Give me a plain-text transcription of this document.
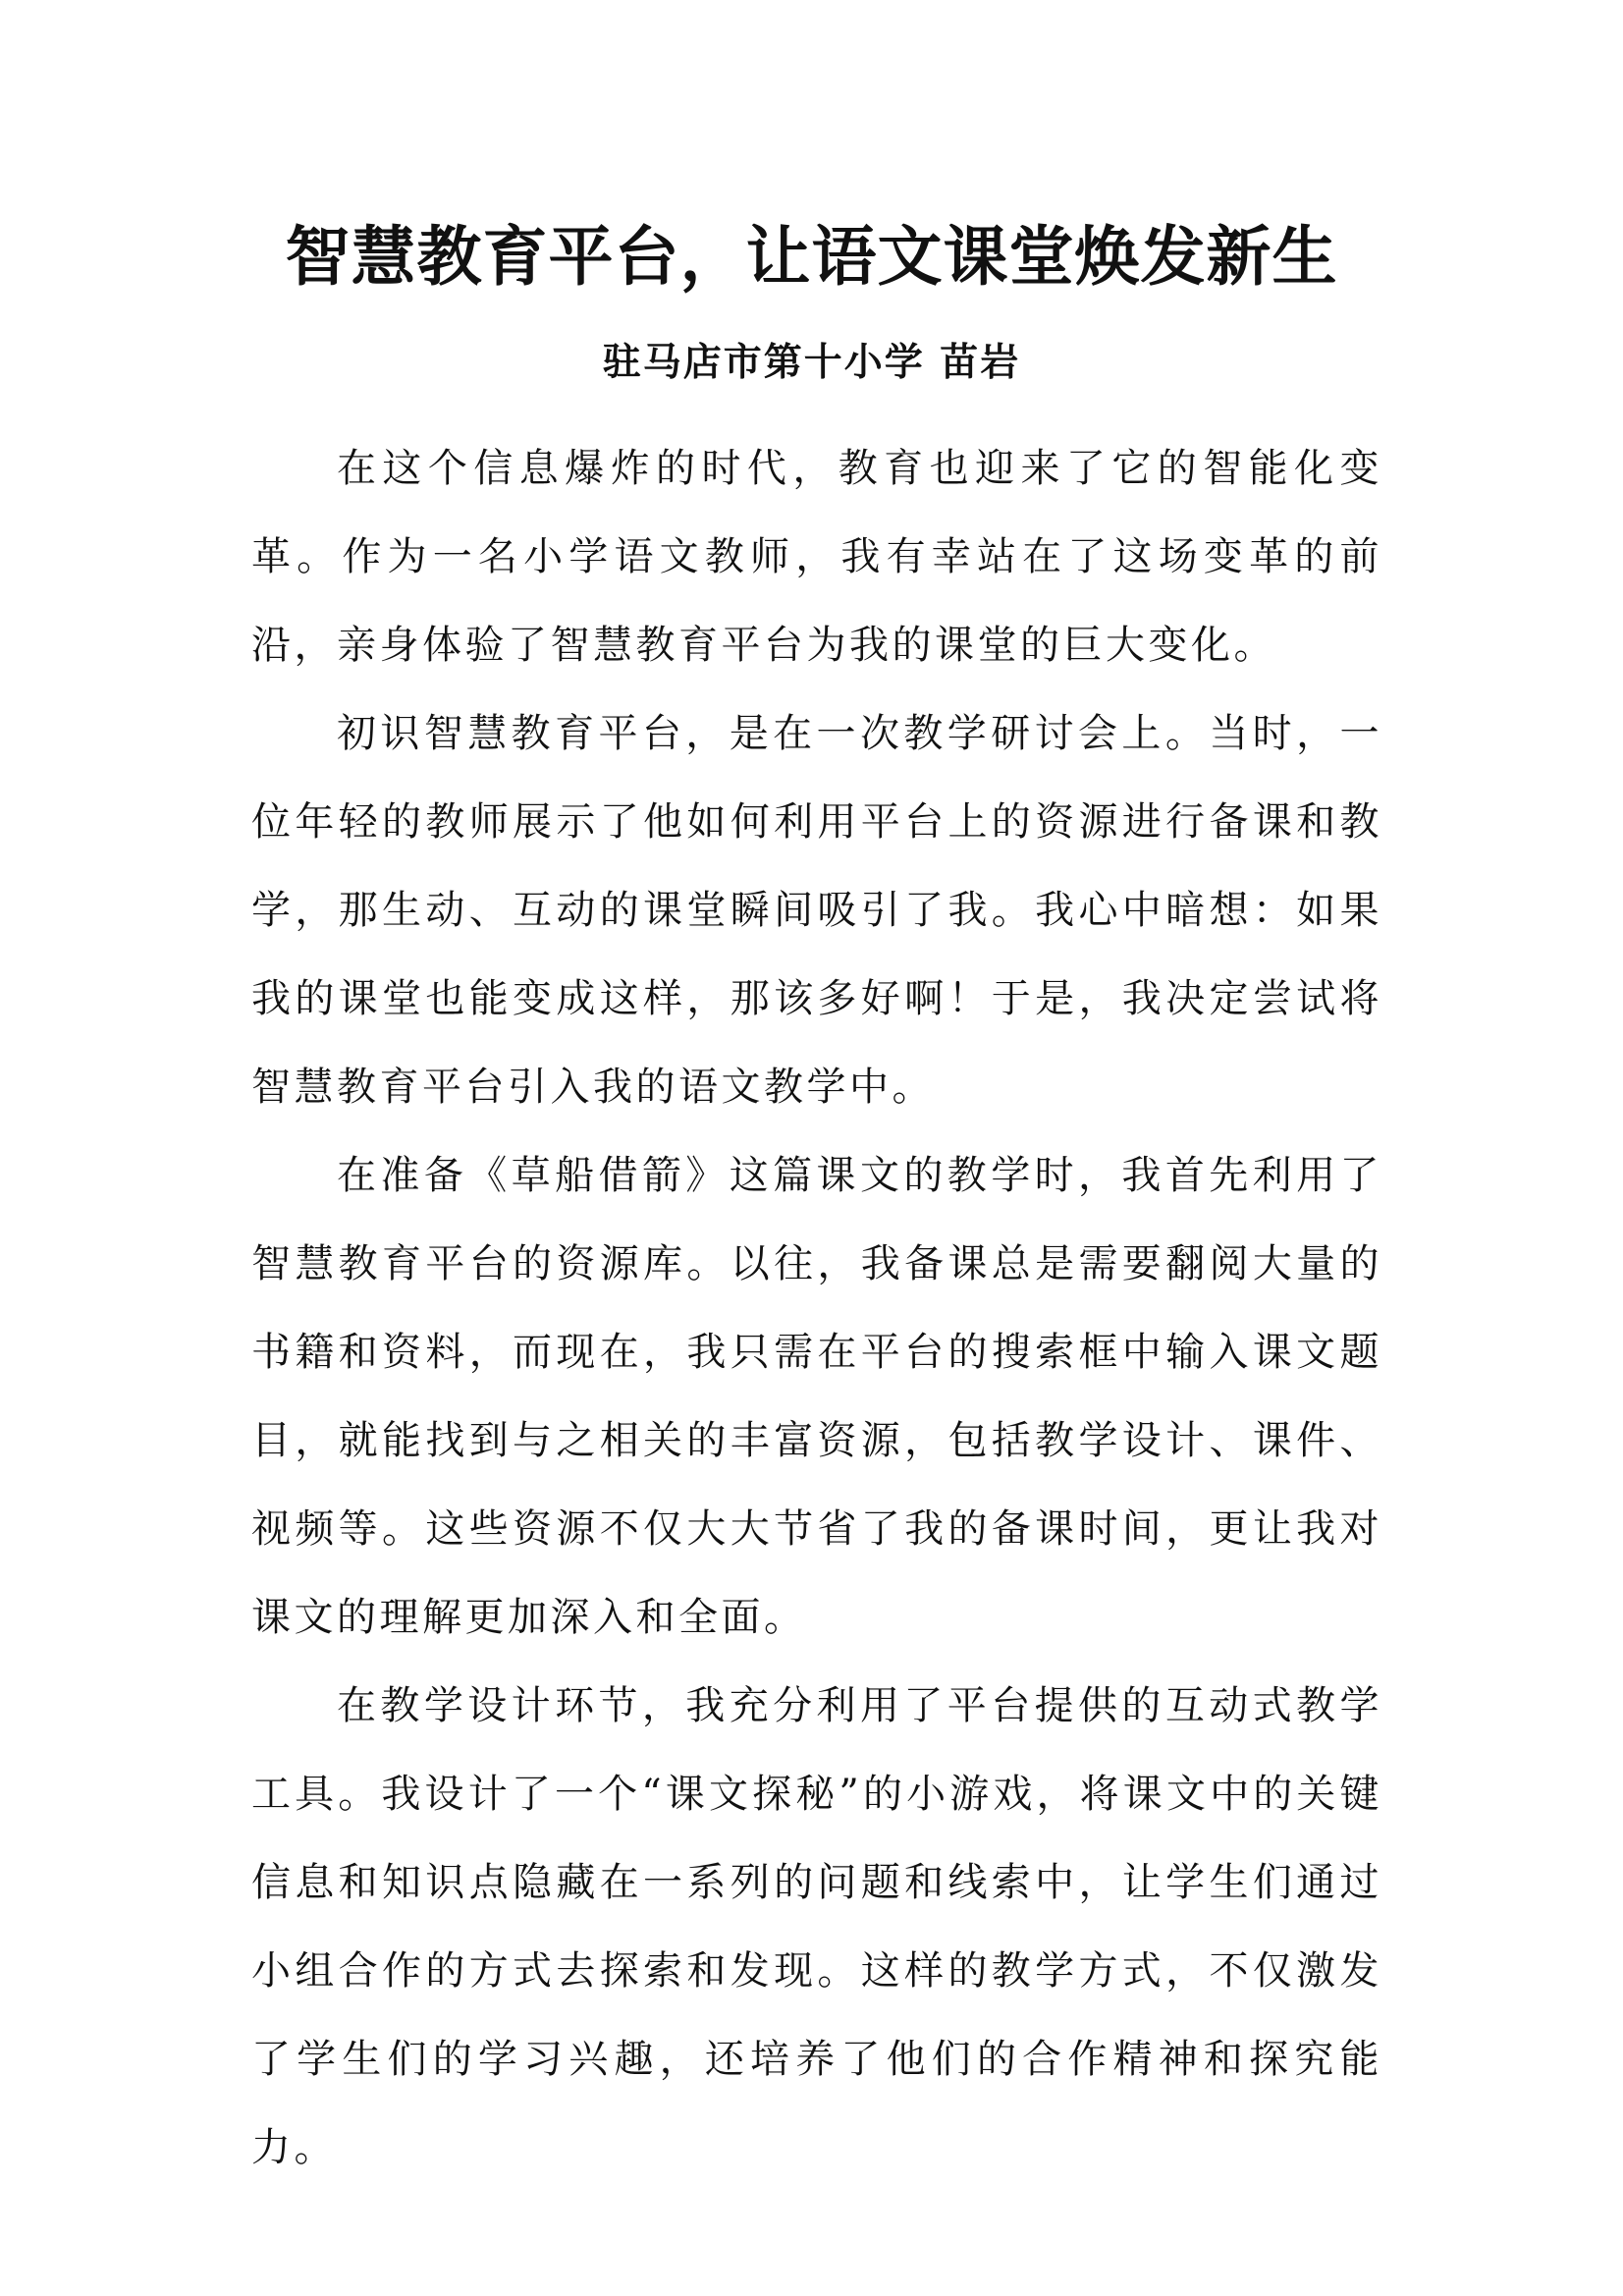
智慧教育平台，让语文课堂焕发新生
驻马店市第十小学 苗岩

在这个信息爆炸的时代，教育也迎来了它的智能化变革。作为一名小学语文教师，我有幸站在了这场变革的前沿，亲身体验了智慧教育平台为我的课堂的巨大变化。

初识智慧教育平台，是在一次教学研讨会上。当时，一位年轻的教师展示了他如何利用平台上的资源进行备课和教学，那生动、互动的课堂瞬间吸引了我。我心中暗想：如果我的课堂也能变成这样，那该多好啊！于是，我决定尝试将智慧教育平台引入我的语文教学中。

在准备《草船借箭》这篇课文的教学时，我首先利用了智慧教育平台的资源库。以往，我备课总是需要翻阅大量的书籍和资料，而现在，我只需在平台的搜索框中输入课文题目，就能找到与之相关的丰富资源，包括教学设计、课件、视频等。这些资源不仅大大节省了我的备课时间，更让我对课文的理解更加深入和全面。

在教学设计环节，我充分利用了平台提供的互动式教学工具。我设计了一个“课文探秘”的小游戏，将课文中的关键信息和知识点隐藏在一系列的问题和线索中，让学生们通过小组合作的方式去探索和发现。这样的教学方式，不仅激发了学生们的学习兴趣，还培养了他们的合作精神和探究能力。
